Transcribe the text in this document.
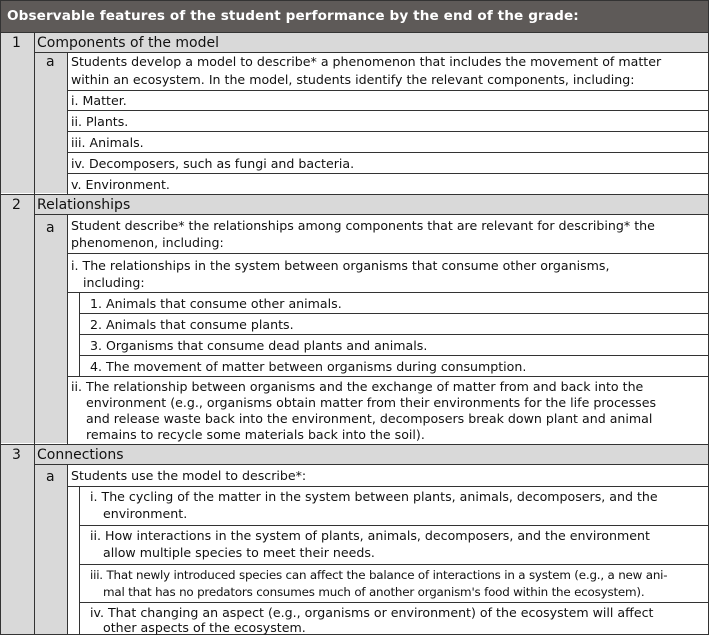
Observable features of the student performance by the end of the grade:
1 Components of the model
a Students develop a model to describe* a phenomenon that includes the movement of matter
within an ecosystem. In the model, students identify the relevant components, including:
i. Matter.
ii. Plants.
iii. Animals.
iv. Decomposers, such as fungi and bacteria.
v. Environment.
2 Relationships
a Student describe* the relationships among components that are relevant for describing* the
phenomenon, including:
i. The relationships in the system between organisms that consume other organisms,
including:
1. Animals that consume other animals.
2. Animals that consume plants.
3. Organisms that consume dead plants and animals.
4. The movement of matter between organisms during consumption.
ii. The relationship between organisms and the exchange of matter from and back into the
environment (e.g., organisms obtain matter from their environments for the life processes
and release waste back into the environment, decomposers break down plant and animal
remains to recycle some materials back into the soil).
3 Connections
a Students use the model to describe*:
i. The cycling of the matter in the system between plants, animals, decomposers, and the
environment.
ii. How interactions in the system of plants, animals, decomposers, and the environment
allow multiple species to meet their needs.
iii. That newly introduced species can affect the balance of interactions in a system (e.g., a new ani-
mal that has no predators consumes much of another organism's food within the ecosystem).
iv. That changing an aspect (e.g., organisms or environment) of the ecosystem will affect
other aspects of the ecosystem.
